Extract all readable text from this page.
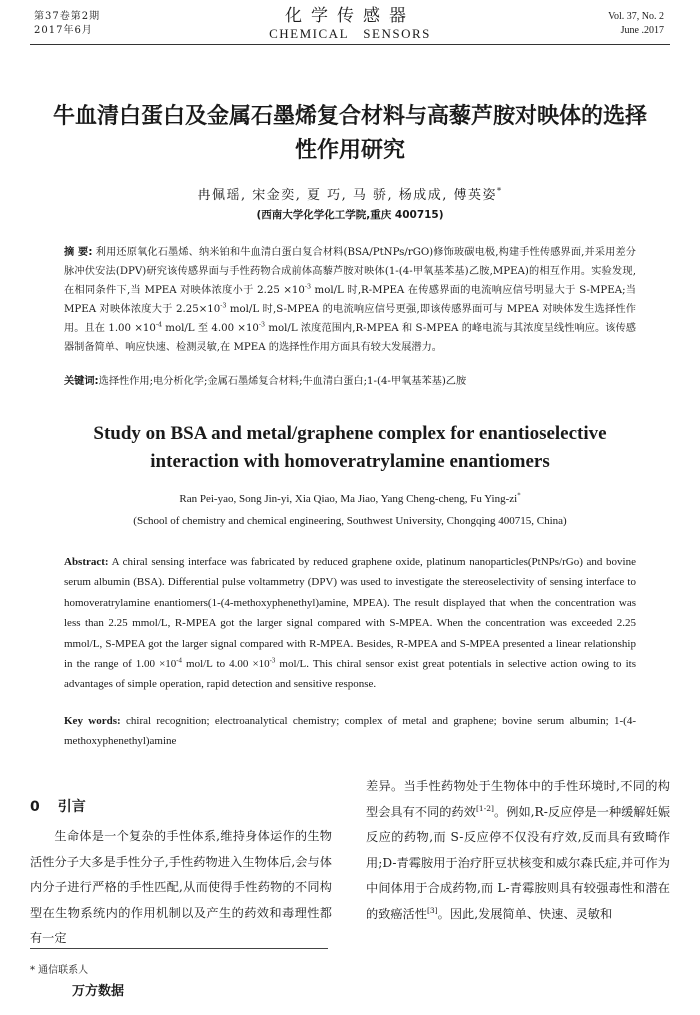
第37卷第2期
2017年6月
化学传感器
CHEMICAL SENSORS
Vol. 37, No. 2
June .2017
牛血清白蛋白及金属石墨烯复合材料与高藜芦胺对映体的选择性作用研究
冉佩瑶, 宋金奕, 夏 巧, 马 骄, 杨成成, 傅英姿*
(西南大学化学化工学院,重庆 400715)
摘 要: 利用还原氧化石墨烯、纳米铂和牛血清白蛋白复合材料(BSA/PtNPs/rGO)修饰玻碳电极,构建手性传感界面,并采用差分脉冲伏安法(DPV)研究该传感界面与手性药物合成前体高藜芦胺对映体(1-(4-甲氧基苯基)乙胺,MPEA)的相互作用。实验发现,在相同条件下,当 MPEA 对映体浓度小于 $2.25 \times 10^{-3}$ mol/L 时,R-MPEA 在传感界面的电流响应信号明显大于 S-MPEA;当 MPEA 对映体浓度大于 $2.25\times 10^{-3}$ mol/L 时,S-MPEA 的电流响应信号更强,即该传感界面可与 MPEA 对映体发生选择性作用。且在 $1.00 \times 10^{-4}$ mol/L 至 $4.00 \times 10^{-3}$ mol/L 浓度范围内,R-MPEA 和 S-MPEA 的峰电流与其浓度呈线性响应。该传感器制备简单、响应快速、检测灵敏,在 MPEA 的选择性作用方面具有较大发展潜力。
关键词:选择性作用;电分析化学;金属石墨烯复合材料;牛血清白蛋白;1-(4-甲氧基苯基)乙胺
Study on BSA and metal/graphene complex for enantioselective interaction with homoveratrylamine enantiomers
Ran Pei-yao, Song Jin-yi, Xia Qiao, Ma Jiao, Yang Cheng-cheng, Fu Ying-zi*
(School of chemistry and chemical engineering, Southwest University, Chongqing 400715, China)
Abstract: A chiral sensing interface was fabricated by reduced graphene oxide, platinum nanoparticles(PtNPs/rGo) and bovine serum albumin (BSA). Differential pulse voltammetry (DPV) was used to investigate the stereoselectivity of sensing interface to homoveratrylamine enantiomers(1-(4-methoxyphenethyl)amine, MPEA). The result displayed that when the concentration was less than 2.25 mmol/L, R-MPEA got the larger signal compared with S-MPEA. When the concentration was exceeded 2.25 mmol/L, S-MPEA got the larger signal compared with R-MPEA. Besides, R-MPEA and S-MPEA presented a linear relationship in the range of $1.00 \times 10^{-4}$ mol/L to $4.00 \times 10^{-3}$ mol/L. This chiral sensor exist great potentials in selective action owing to its advantages of simple operation, rapid detection and sensitive response.
Key words: chiral recognition; electroanalytical chemistry; complex of metal and graphene; bovine serum albumin; 1-(4-methoxyphenethyl)amine
0 引言
生命体是一个复杂的手性体系,维持身体运作的生物活性分子大多是手性分子,手性药物进入生物体后,会与体内分子进行严格的手性匹配,从而使得手性药物的不同构型在生物系统内的作用机制以及产生的药效和毒理性都有一定
差异。当手性药物处于生物体中的手性环境时,不同的构型会具有不同的药效[1-2]。例如,R-反应停是一种缓解妊娠反应的药物,而 S-反应停不仅没有疗效,反而具有致畸作用;D-青霉胺用于治疗肝豆状核变和威尔森氏症,并可作为中间体用于合成药物,而 L-青霉胺则具有较强毒性和潜在的致癌活性[3]。因此,发展简单、快速、灵敏和
* 通信联系人
万方数据
